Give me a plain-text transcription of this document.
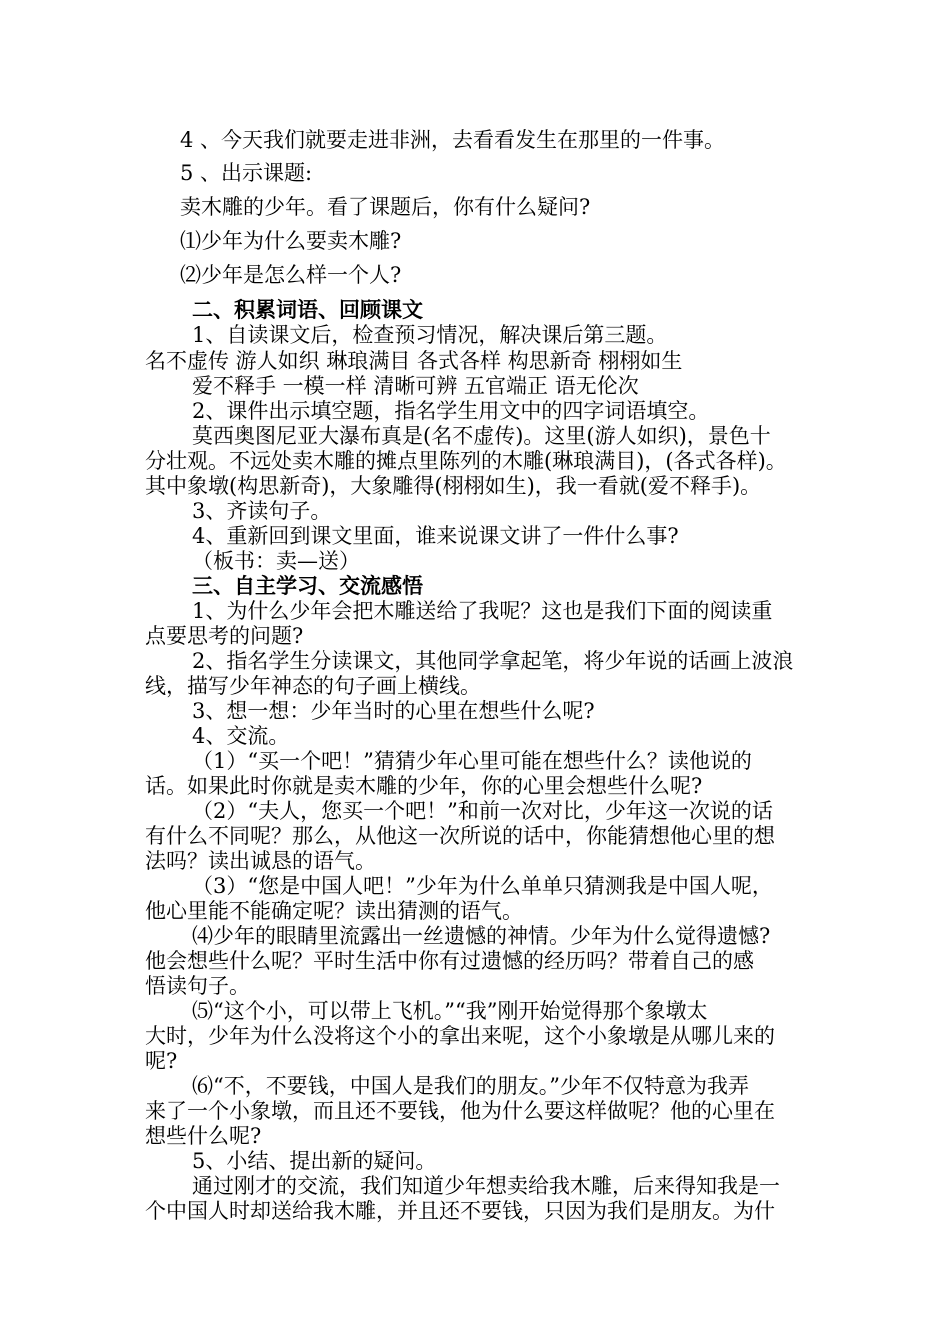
4 、今天我们就要走进非洲，去看看发生在那里的一件事。
5 、出示课题:
卖木雕的少年。看了课题后，你有什么疑问?
⑴少年为什么要卖木雕?
⑵少年是怎么样一个人?
二、积累词语、回顾课文
1、自读课文后，检查预习情况，解决课后第三题。
名不虚传 游人如织 琳琅满目 各式各样 构思新奇 栩栩如生
爱不释手 一模一样 清晰可辨 五官端正 语无伦次
2、课件出示填空题，指名学生用文中的四字词语填空。
莫西奥图尼亚大瀑布真是(名不虚传)。这里(游人如织)，景色十
分壮观。不远处卖木雕的摊点里陈列的木雕(琳琅满目)，(各式各样)。
其中象墩(构思新奇)，大象雕得(栩栩如生)，我一看就(爱不释手)。
3、齐读句子。
4、重新回到课文里面，谁来说课文讲了一件什么事?
（板书：卖—送）
三、自主学习、交流感悟
1、为什么少年会把木雕送给了我呢？这也是我们下面的阅读重
点要思考的问题?
2、指名学生分读课文，其他同学拿起笔，将少年说的话画上波浪
线，描写少年神态的句子画上横线。
3、想一想：少年当时的心里在想些什么呢?
4、交流。
（1）“买一个吧！”猜猜少年心里可能在想些什么？读他说的
话。如果此时你就是卖木雕的少年，你的心里会想些什么呢?
（2）“夫人，您买一个吧！”和前一次对比，少年这一次说的话
有什么不同呢？那么，从他这一次所说的话中，你能猜想他心里的想
法吗？读出诚恳的语气。
（3）“您是中国人吧！”少年为什么单单只猜测我是中国人呢，
他心里能不能确定呢？读出猜测的语气。
⑷少年的眼睛里流露出一丝遗憾的神情。少年为什么觉得遗憾?
他会想些什么呢？平时生活中你有过遗憾的经历吗？带着自己的感
悟读句子。
⑸“这个小，可以带上飞机。”“我”刚开始觉得那个象墩太
大时，少年为什么没将这个小的拿出来呢，这个小象墩是从哪儿来的
呢?
⑹“不，不要钱，中国人是我们的朋友。”少年不仅特意为我弄
来了一个小象墩，而且还不要钱，他为什么要这样做呢？他的心里在
想些什么呢?
5、小结、提出新的疑问。
通过刚才的交流，我们知道少年想卖给我木雕，后来得知我是一
个中国人时却送给我木雕，并且还不要钱，只因为我们是朋友。为什
